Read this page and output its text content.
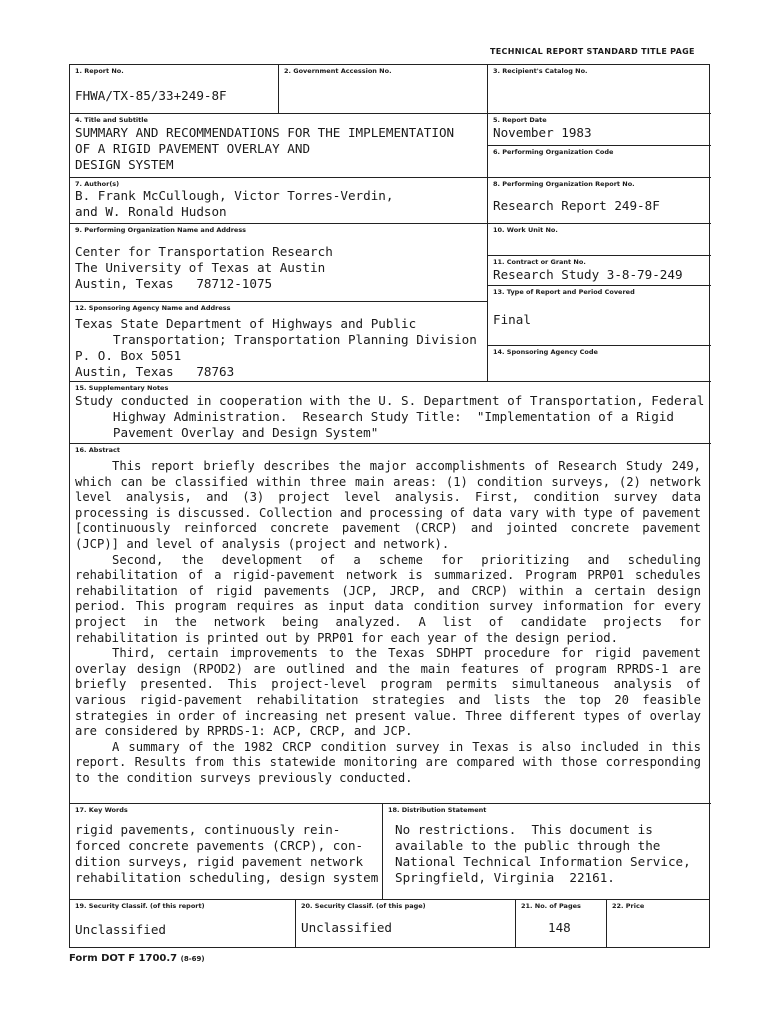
TECHNICAL REPORT STANDARD TITLE PAGE
1. Report No.
FHWA/TX-85/33+249-8F
2. Government Accession No.	3. Recipient's Catalog No.
4. Title and Subtitle
SUMMARY AND RECOMMENDATIONS FOR THE IMPLEMENTATION
OF A RIGID PAVEMENT OVERLAY AND
DESIGN SYSTEM
7. Author(s)
B. Frank McCullough, Victor Torres-Verdin,
and W. Ronald Hudson
9. Performing Organization Name and Address
Center for Transportation Research
The University of Texas at Austin
Austin, Texas   78712-1075
12. Sponsoring Agency Name and Address
Texas State Department of Highways and Public
Transportation; Transportation Planning Division
P. O. Box 5051
Austin, Texas   78763
5. Report Date
November 1983
6. Performing Organization Code
8. Performing Organization Report No.
Research Report 249-8F
10. Work Unit No.
11. Contract or Grant No.
Research Study 3-8-79-249
13. Type of Report and Period Covered
Final
14. Sponsoring Agency Code
15. Supplementary Notes
Study conducted in cooperation with the U. S. Department of Transportation, Federal
Highway Administration.  Research Study Title:  "Implementation of a Rigid
Pavement Overlay and Design System"
16. Abstract

This report briefly describes the major accomplishments of Research Study 249, which can be classified within three main areas: (1) condition surveys, (2) network level analysis, and (3) project level analysis. First, condition survey data processing is discussed. Collection and processing of data vary with type of pavement [continuously reinforced concrete pavement (CRCP) and jointed concrete pavement (JCP)] and level of analysis (project and network).

Second, the development of a scheme for prioritizing and scheduling rehabilitation of a rigid-pavement network is summarized. Program PRP01 schedules rehabilitation of rigid pavements (JCP, JRCP, and CRCP) within a certain design period. This program requires as input data condition survey information for every project in the network being analyzed. A list of candidate projects for rehabilitation is printed out by PRP01 for each year of the design period.

Third, certain improvements to the Texas SDHPT procedure for rigid pavement overlay design (RPOD2) are outlined and the main features of program RPRDS-1 are briefly presented. This project-level program permits simultaneous analysis of various rigid-pavement rehabilitation strategies and lists the top 20 feasible strategies in order of increasing net present value. Three different types of overlay are considered by RPRDS-1: ACP, CRCP, and JCP.

A summary of the 1982 CRCP condition survey in Texas is also included in this report. Results from this statewide monitoring are compared with those corresponding to the condition surveys previously conducted.

17. Key Words
rigid pavements, continuously rein-
forced concrete pavements (CRCP), con-
dition surveys, rigid pavement network
rehabilitation scheduling, design system
18. Distribution Statement
No restrictions.  This document is
available to the public through the
National Technical Information Service,
Springfield, Virginia  22161.
19. Security Classif. (of this report)
Unclassified
20. Security Classif. (of this page)
Unclassified
21. No. of Pages
148
22. Price
Form DOT F 1700.7 (8-69)
